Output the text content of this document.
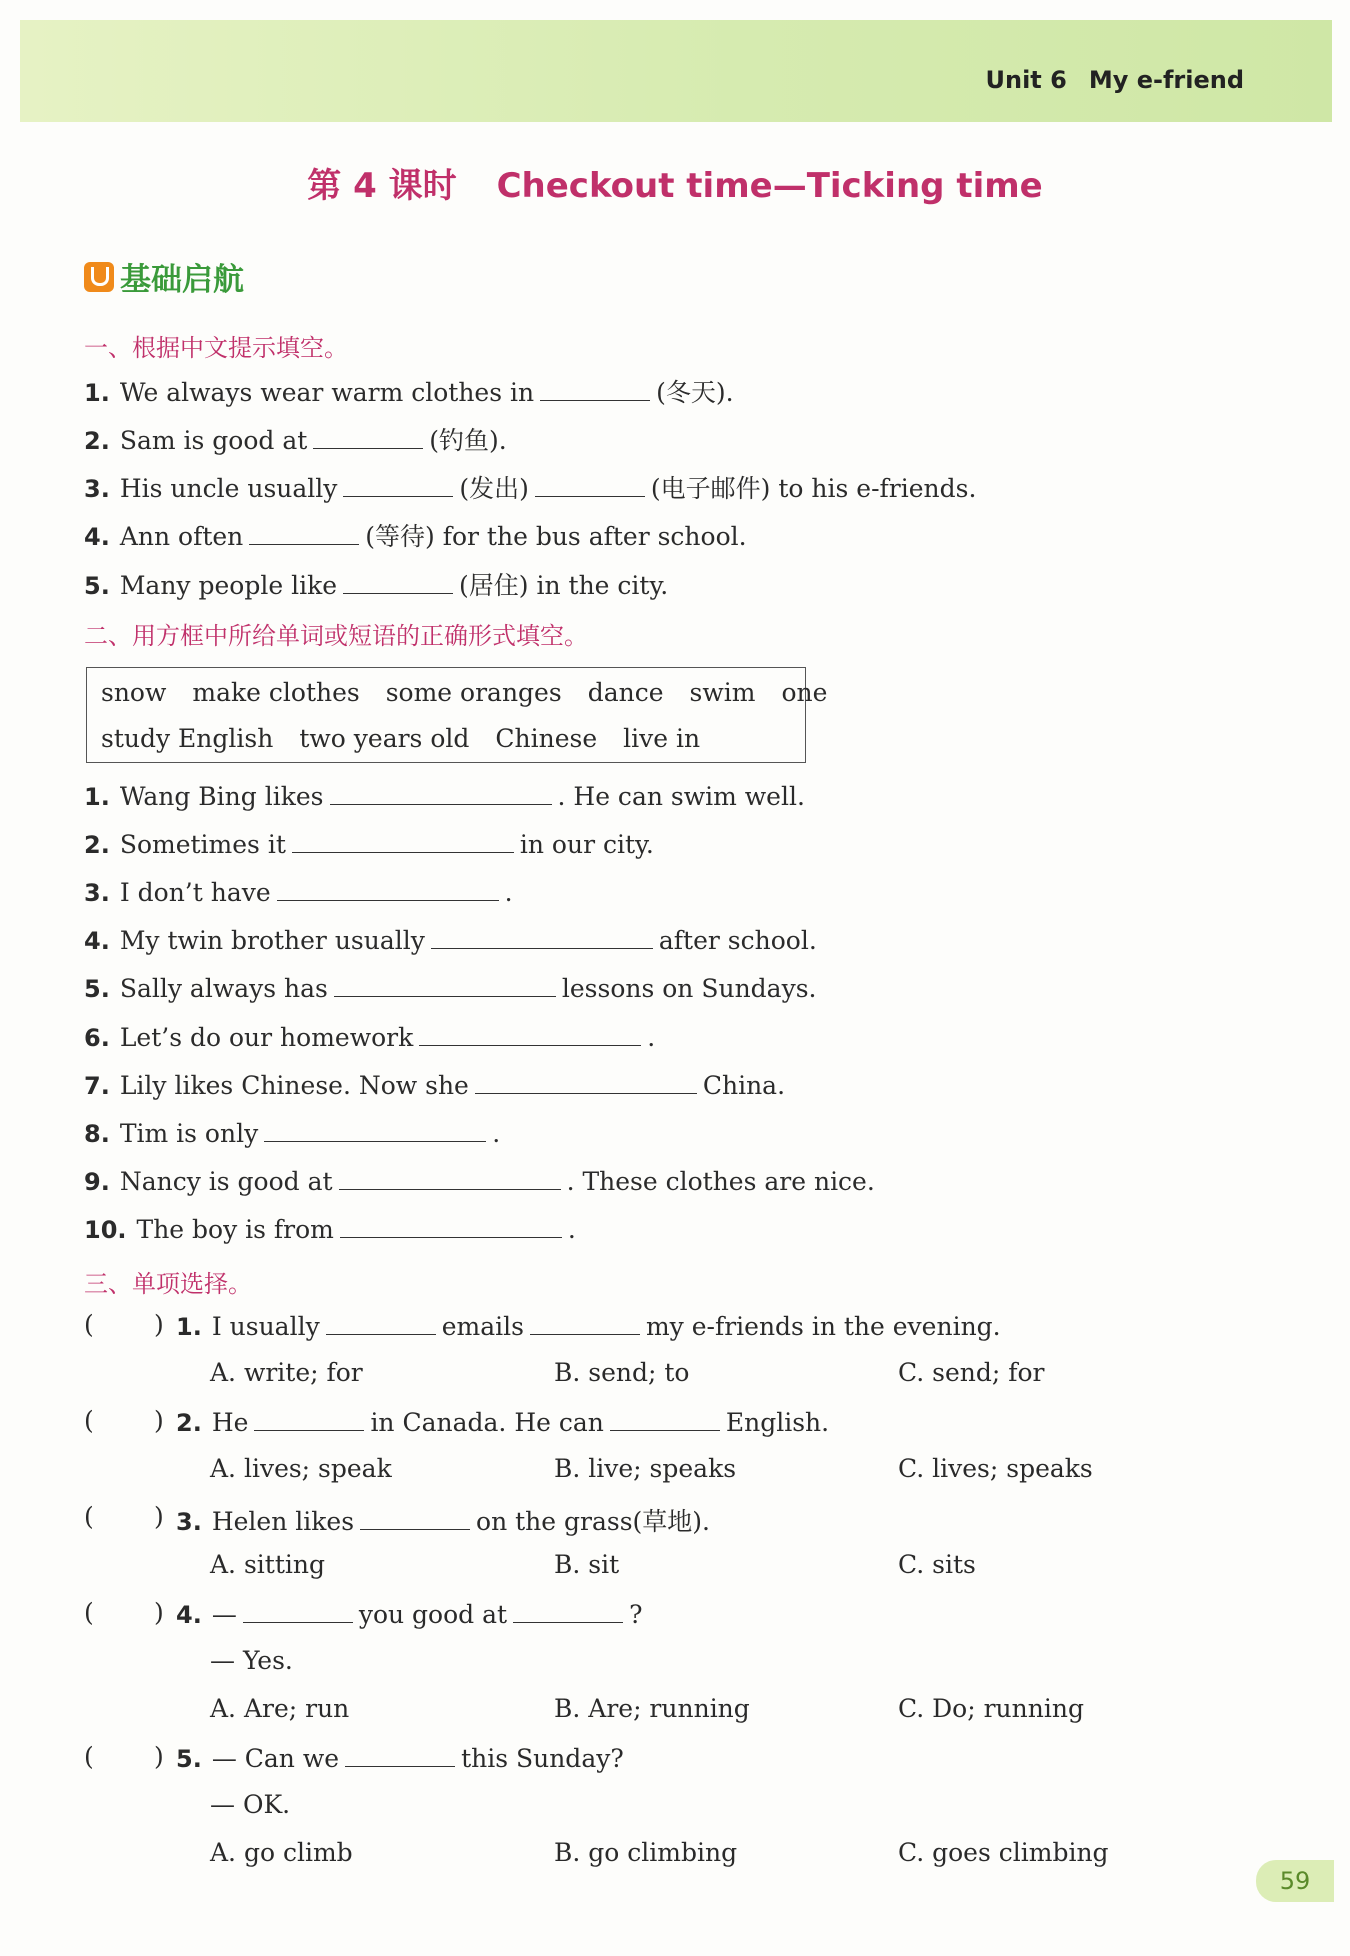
Unit 6 My e-friend
第 4 课时 Checkout time—Ticking time
基础启航
一、根据中文提示填空。
1. We always wear warm clothes in	(冬天).
2. Sam is good at	(钓鱼).
3. His uncle usually	(发出)	(电子邮件) to his e-friends.
4. Ann often	(等待) for the bus after school.
5. Many people like	(居住) in the city.
二、用方框中所给单词或短语的正确形式填空。
snow make clothes some oranges dance swim one
study English two years old Chinese live in
1. Wang Bing likes	. He can swim well.
2. Sometimes it	in our city.
3. I don’t have	.
4. My twin brother usually	after school.
5. Sally always has	lessons on Sundays.
6. Let’s do our homework	.
7. Lily likes Chinese. Now she	China.
8. Tim is only	.
9. Nancy is good at	. These clothes are nice.
10. The boy is from	.
三、单项选择。
( ) 1. I usually	emails	my e-friends in the evening.
A. write; for	B. send; to	C. send; for
( ) 2. He	in Canada. He can	English.
A. lives; speak	B. live; speaks	C. lives; speaks
( ) 3. Helen likes	on the grass(草地).
A. sitting	B. sit	C. sits
( ) 4. —	you good at	?
— Yes.
A. Are; run	B. Are; running	C. Do; running
( ) 5. — Can we	this Sunday?
— OK.
A. go climb	B. go climbing	C. goes climbing
59
